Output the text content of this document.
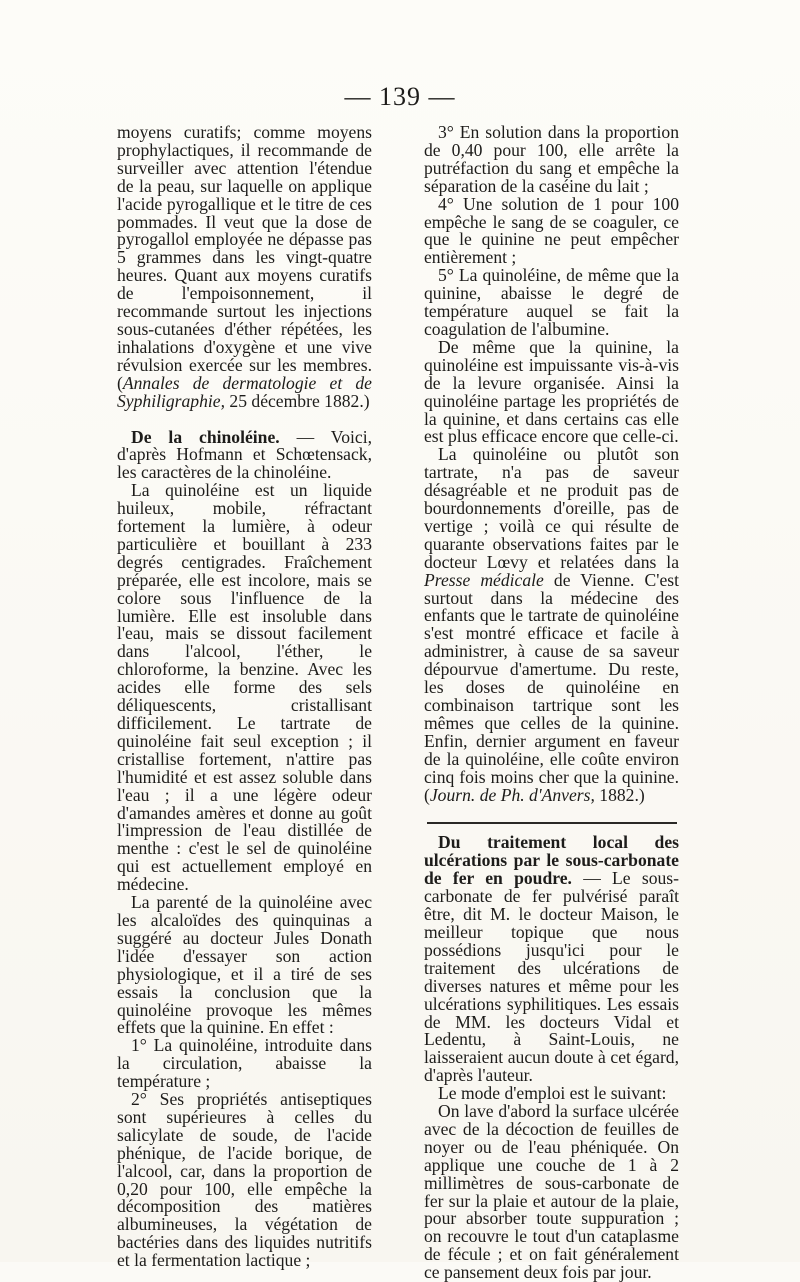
— 139 —

moyens curatifs; comme moyens prophylactiques, il recommande de surveiller avec attention l'étendue de la peau, sur laquelle on applique l'acide pyrogallique et le titre de ces pommades. Il veut que la dose de pyrogallol employée ne dépasse pas 5 grammes dans les vingt-quatre heures. Quant aux moyens curatifs de l'empoisonnement, il recommande surtout les injections sous-cutanées d'éther répétées, les inhalations d'oxygène et une vive révulsion exercée sur les membres. (Annales de dermatologie et de Syphiligraphie, 25 décembre 1882.)

De la chinoléine. — Voici, d'après Hofmann et Schœtensack, les caractères de la chinoléine.

La quinoléine est un liquide huileux, mobile, réfractant fortement la lumière, à odeur particulière et bouillant à 233 degrés centigrades. Fraîchement préparée, elle est incolore, mais se colore sous l'influence de la lumière. Elle est insoluble dans l'eau, mais se dissout facilement dans l'alcool, l'éther, le chloroforme, la benzine. Avec les acides elle forme des sels déliquescents, cristallisant difficilement. Le tartrate de quinoléine fait seul exception ; il cristallise fortement, n'attire pas l'humidité et est assez soluble dans l'eau ; il a une légère odeur d'amandes amères et donne au goût l'impression de l'eau distillée de menthe : c'est le sel de quinoléine qui est actuellement employé en médecine.

La parenté de la quinoléine avec les alcaloïdes des quinquinas a suggéré au docteur Jules Donath l'idée d'essayer son action physiologique, et il a tiré de ses essais la conclusion que la quinoléine provoque les mêmes effets que la quinine. En effet :

1° La quinoléine, introduite dans la circulation, abaisse la température ;

2° Ses propriétés antiseptiques sont supérieures à celles du salicylate de soude, de l'acide phénique, de l'acide borique, de l'alcool, car, dans la proportion de 0,20 pour 100, elle empêche la décomposition des matières albumineuses, la végétation de bactéries dans des liquides nutritifs et la fermentation lactique ;

3° En solution dans la proportion de 0,40 pour 100, elle arrête la putréfaction du sang et empêche la séparation de la caséine du lait ;

4° Une solution de 1 pour 100 empêche le sang de se coaguler, ce que le quinine ne peut empêcher entièrement ;

5° La quinoléine, de même que la quinine, abaisse le degré de température auquel se fait la coagulation de l'albumine.

De même que la quinine, la quinoléine est impuissante vis-à-vis de la levure organisée. Ainsi la quinoléine partage les propriétés de la quinine, et dans certains cas elle est plus efficace encore que celle-ci.

La quinoléine ou plutôt son tartrate, n'a pas de saveur désagréable et ne produit pas de bourdonnements d'oreille, pas de vertige ; voilà ce qui résulte de quarante observations faites par le docteur Lœvy et relatées dans la Presse médicale de Vienne. C'est surtout dans la médecine des enfants que le tartrate de quinoléine s'est montré efficace et facile à administrer, à cause de sa saveur dépourvue d'amertume. Du reste, les doses de quinoléine en combinaison tartrique sont les mêmes que celles de la quinine. Enfin, dernier argument en faveur de la quinoléine, elle coûte environ cinq fois moins cher que la quinine. (Journ. de Ph. d'Anvers, 1882.)

Du traitement local des ulcérations par le sous-carbonate de fer en poudre. — Le sous-carbonate de fer pulvérisé paraît être, dit M. le docteur Maison, le meilleur topique que nous possédions jusqu'ici pour le traitement des ulcérations de diverses natures et même pour les ulcérations syphilitiques. Les essais de MM. les docteurs Vidal et Ledentu, à Saint-Louis, ne laisseraient aucun doute à cet égard, d'après l'auteur.

Le mode d'emploi est le suivant:

On lave d'abord la surface ulcérée avec de la décoction de feuilles de noyer ou de l'eau phéniquée. On applique une couche de 1 à 2 millimètres de sous-carbonate de fer sur la plaie et autour de la plaie, pour absorber toute suppuration ; on recouvre le tout d'un cataplasme de fécule ; et on fait généralement ce pansement deux fois par jour.
